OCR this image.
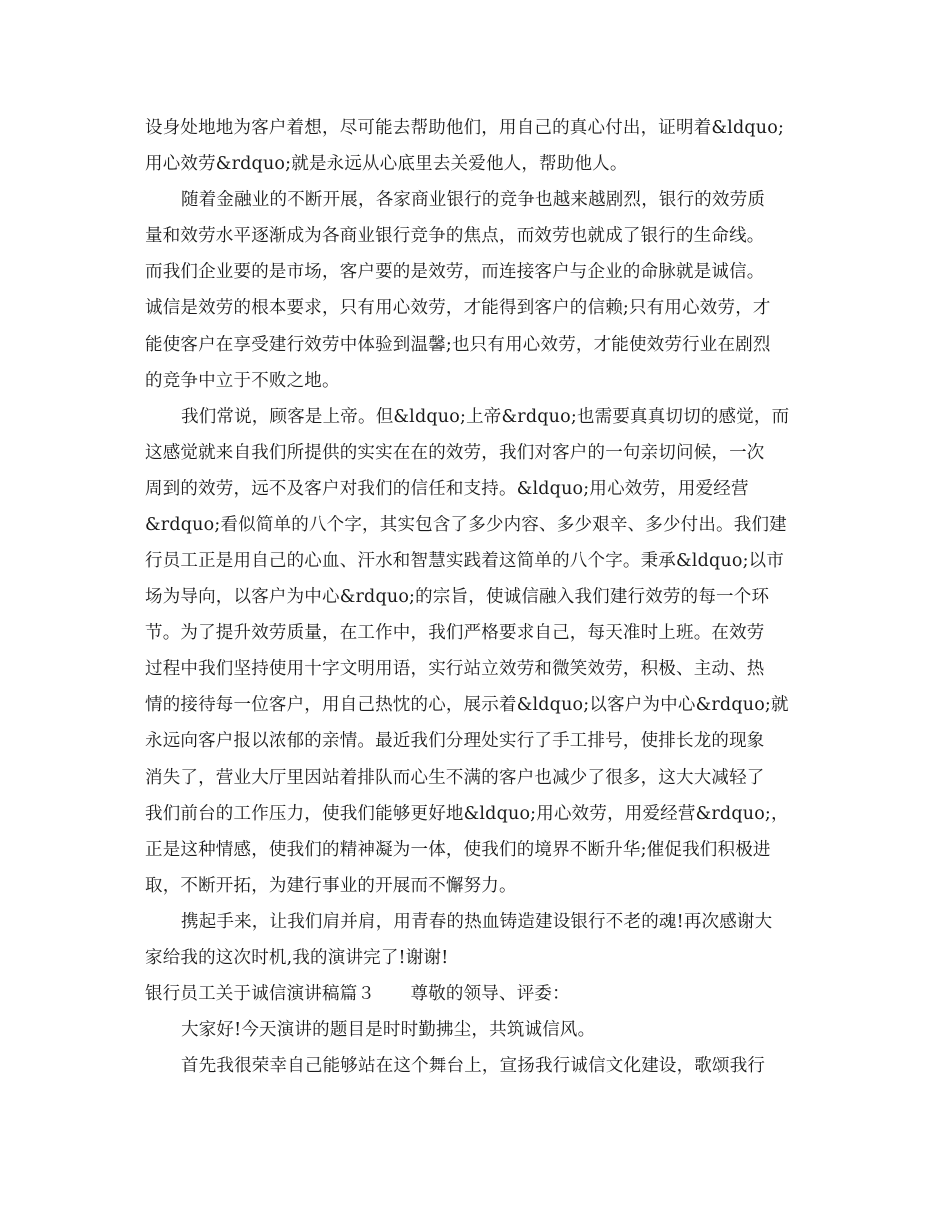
设身处地地为客户着想，尽可能去帮助他们，用自己的真心付出，证明着&ldquo;
用心效劳&rdquo;就是永远从心底里去关爱他人，帮助他人。
随着金融业的不断开展，各家商业银行的竞争也越来越剧烈，银行的效劳质
量和效劳水平逐渐成为各商业银行竞争的焦点，而效劳也就成了银行的生命线。
而我们企业要的是市场，客户要的是效劳，而连接客户与企业的命脉就是诚信。
诚信是效劳的根本要求，只有用心效劳，才能得到客户的信赖;只有用心效劳，才
能使客户在享受建行效劳中体验到温馨;也只有用心效劳，才能使效劳行业在剧烈
的竞争中立于不败之地。
我们常说，顾客是上帝。但&ldquo;上帝&rdquo;也需要真真切切的感觉，而
这感觉就来自我们所提供的实实在在的效劳，我们对客户的一句亲切问候，一次
周到的效劳，远不及客户对我们的信任和支持。&ldquo;用心效劳，用爱经营
&rdquo;看似简单的八个字，其实包含了多少内容、多少艰辛、多少付出。我们建
行员工正是用自己的心血、汗水和智慧实践着这简单的八个字。秉承&ldquo;以市
场为导向，以客户为中心&rdquo;的宗旨，使诚信融入我们建行效劳的每一个环
节。为了提升效劳质量，在工作中，我们严格要求自己，每天准时上班。在效劳
过程中我们坚持使用十字文明用语，实行站立效劳和微笑效劳，积极、主动、热
情的接待每一位客户，用自己热忱的心，展示着&ldquo;以客户为中心&rdquo;就
永远向客户报以浓郁的亲情。最近我们分理处实行了手工排号，使排长龙的现象
消失了，营业大厅里因站着排队而心生不满的客户也减少了很多，这大大减轻了
我们前台的工作压力，使我们能够更好地&ldquo;用心效劳，用爱经营&rdquo;，
正是这种情感，使我们的精神凝为一体，使我们的境界不断升华;催促我们积极进
取，不断开拓，为建行事业的开展而不懈努力。
携起手来，让我们肩并肩，用青春的热血铸造建设银行不老的魂!再次感谢大
家给我的这次时机,我的演讲完了!谢谢!
银行员工关于诚信演讲稿篇３　　尊敬的领导、评委：
大家好!今天演讲的题目是时时勤拂尘，共筑诚信风。
首先我很荣幸自己能够站在这个舞台上，宣扬我行诚信文化建设，歌颂我行
